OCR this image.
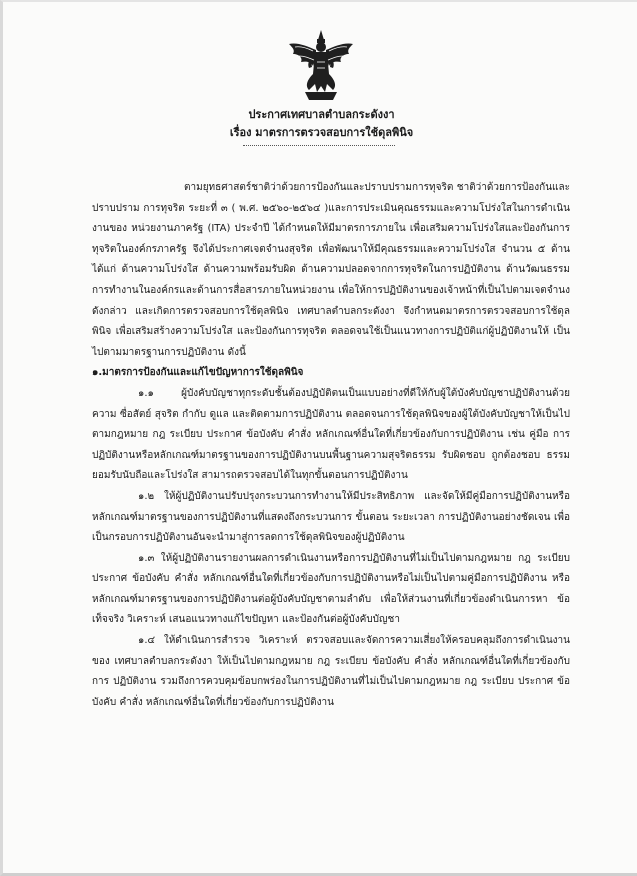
ประกาศเทศบาลตำบลกระดังงา
เรื่อง มาตรการตรวจสอบการใช้ดุลพินิจ

ตามยุทธศาสตร์ชาติว่าด้วยการป้องกันและปราบปรามการทุจริต ชาติว่าด้วยการป้องกันและปราบปราม การทุจริต ระยะที่ ๓ ( พ.ศ. ๒๕๖๐-๒๕๖๔ )และการประเมินคุณธรรมและความโปร่งใสในการดำเนินงานของ หน่วยงานภาครัฐ (ITA) ประจำปี ได้กำหนดให้มีมาตรการภายใน เพื่อเสริมความโปร่งใสและป้องกันการ ทุจริตในองค์กรภาครัฐ จึงได้ประกาศเจตจำนงสุจริต เพื่อพัฒนาให้มีคุณธรรมและความโปร่งใส จำนวน ๕ ด้าน ได้แก่ ด้านความโปร่งใส ด้านความพร้อมรับผิด ด้านความปลอดจากการทุจริตในการปฏิบัติงาน ด้านวัฒนธรรม การทำงานในองค์กรและด้านการสื่อสารภายในหน่วยงาน เพื่อให้การปฏิบัติงานของเจ้าหน้าที่เป็นไปตามเจตจำนงดังกล่าว และเกิดการตรวจสอบการใช้ดุลพินิจ เทศบาลตำบลกระดังงา จึงกำหนดมาตรการตรวจสอบการใช้ดุล พินิจ เพื่อเสริมสร้างความโปร่งใส และป้องกันการทุจริต ตลอดจนใช้เป็นแนวทางการปฏิบัติแก่ผู้ปฏิบัติงานให้ เป็นไปตามมาตรฐานการปฏิบัติงาน ดังนี้

๑.มาตรการป้องกันและแก้ไขปัญหาการใช้ดุลพินิจ

๑.๑ ผู้บังคับบัญชาทุกระดับชั้นต้องปฏิบัติตนเป็นแบบอย่างที่ดีให้กับผู้ใต้บังคับบัญชาปฏิบัติงานด้วยความ ซื่อสัตย์ สุจริต กำกับ ดูแล และติดตามการปฏิบัติงาน ตลอดจนการใช้ดุลพินิจของผู้ใต้บังคับบัญชาให้เป็นไป ตามกฎหมาย กฎ ระเบียบ ประกาศ ข้อบังคับ คำสั่ง หลักเกณฑ์อื่นใดที่เกี่ยวข้องกับการปฏิบัติงาน เช่น คู่มือ การปฏิบัติงานหรือหลักเกณฑ์มาตรฐานของการปฏิบัติงานบนพื้นฐานความสุจริตธรรม รับผิดชอบ ถูกต้องชอบ ธรรม ยอมรับนับถือและโปร่งใส สามารถตรวจสอบได้ในทุกขั้นตอนการปฏิบัติงาน

๑.๒ ให้ผู้ปฏิบัติงานปรับปรุงกระบวนการทำงานให้มีประสิทธิภาพ และจัดให้มีคู่มือการปฏิบัติงานหรือ หลักเกณฑ์มาตรฐานของการปฏิบัติงานที่แสดงถึงกระบวนการ ขั้นตอน ระยะเวลา การปฏิบัติงานอย่างชัดเจน เพื่อเป็นกรอบการปฏิบัติงานอันจะนำมาสู่การลดการใช้ดุลพินิจของผู้ปฏิบัติงาน

๑.๓ ให้ผู้ปฏิบัติงานรายงานผลการดำเนินงานหรือการปฏิบัติงานที่ไม่เป็นไปตามกฎหมาย กฎ ระเบียบ ประกาศ ข้อบังคับ คำสั่ง หลักเกณฑ์อื่นใดที่เกี่ยวข้องกับการปฏิบัติงานหรือไม่เป็นไปตามคู่มือการปฏิบัติงาน หรือหลักเกณฑ์มาตรฐานของการปฏิบัติงานต่อผู้บังคับบัญชาตามลำดับ เพื่อให้ส่วนงานที่เกี่ยวข้องดำเนินการหา ข้อเท็จจริง วิเคราะห์ เสนอแนวทางแก้ไขปัญหา และป้องกันต่อผู้บังคับบัญชา

๑.๔ ให้ดำเนินการสำรวจ วิเคราะห์ ตรวจสอบและจัดการความเสี่ยงให้ครอบคลุมถึงการดำเนินงานของ เทศบาลตำบลกระดังงา ให้เป็นไปตามกฎหมาย กฎ ระเบียบ ข้อบังคับ คำสั่ง หลักเกณฑ์อื่นใดที่เกี่ยวข้องกับการ ปฏิบัติงาน รวมถึงการควบคุมข้อบกพร่องในการปฏิบัติงานที่ไม่เป็นไปตามกฎหมาย กฎ ระเบียบ ประกาศ ข้อบังคับ คำสั่ง หลักเกณฑ์อื่นใดที่เกี่ยวข้องกับการปฏิบัติงาน
